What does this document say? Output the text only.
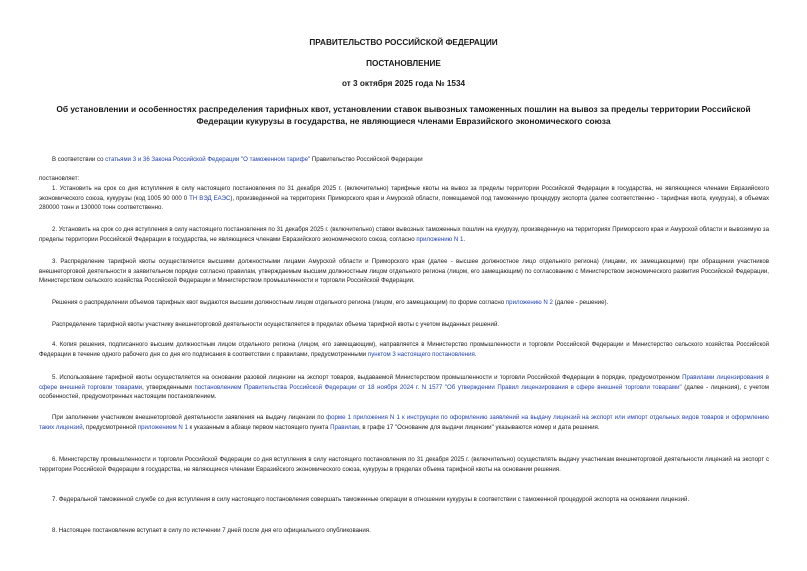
ПРАВИТЕЛЬСТВО РОССИЙСКОЙ ФЕДЕРАЦИИ
ПОСТАНОВЛЕНИЕ
от 3 октября 2025 года № 1534
Об установлении и особенностях распределения тарифных квот, установлении ставок вывозных таможенных пошлин на вывоз за пределы территории Российской Федерации кукурузы в государства, не являющиеся членами Евразийского экономического союза

В соответствии со статьями 3 и 36 Закона Российской Федерации "О таможенном тарифе" Правительство Российской Федерации

постановляет:

1. Установить на срок со дня вступления в силу настоящего постановления по 31 декабря 2025 г. (включительно) тарифные квоты на вывоз за пределы территории Российской Федерации в государства, не являющиеся членами Евразийского экономического союза, кукурузы (код 1005 90 000 0 ТН ВЭД ЕАЭС), произведенной на территориях Приморского края и Амурской области, помещаемой под таможенную процедуру экспорта (далее соответственно - тарифная квота, кукуруза), в объемах 280000 тонн и 130000 тонн соответственно.

2. Установить на срок со дня вступления в силу настоящего постановления по 31 декабря 2025 г. (включительно) ставки вывозных таможенных пошлин на кукурузу, произведенную на территориях Приморского края и Амурской области и вывозимую за пределы территории Российской Федерации в государства, не являющиеся членами Евразийского экономического союза, согласно приложению N 1.

3. Распределение тарифной квоты осуществляется высшими должностными лицами Амурской области и Приморского края (далее - высшее должностное лицо отдельного региона) (лицами, их замещающими) при обращении участников внешнеторговой деятельности в заявительном порядке согласно правилам, утверждаемым высшим должностным лицом отдельного региона (лицом, его замещающим) по согласованию с Министерством экономического развития Российской Федерации, Министерством сельского хозяйства Российской Федерации и Министерством промышленности и торговли Российской Федерации.

Решения о распределении объемов тарифных квот выдаются высшим должностным лицом отдельного региона (лицом, его замещающим) по форме согласно приложению N 2 (далее - решение).

Распределение тарифной квоты участнику внешнеторговой деятельности осуществляется в пределах объема тарифной квоты с учетом выданных решений.

4. Копия решения, подписанного высшим должностным лицом отдельного региона (лицом, его замещающим), направляется в Министерство промышленности и торговли Российской Федерации и Министерство сельского хозяйства Российской Федерации в течение одного рабочего дня со дня его подписания в соответствии с правилами, предусмотренными пунктом 3 настоящего постановления.

5. Использование тарифной квоты осуществляется на основании разовой лицензии на экспорт товаров, выдаваемой Министерством промышленности и торговли Российской Федерации в порядке, предусмотренном Правилами лицензирования в сфере внешней торговли товарами, утвержденными постановлением Правительства Российской Федерации от 18 ноября 2024 г. N 1577 "Об утверждении Правил лицензирования в сфере внешней торговли товарами" (далее - лицензия), с учетом особенностей, предусмотренных настоящим постановлением.

При заполнении участником внешнеторговой деятельности заявления на выдачу лицензии по форме 1 приложения N 1 к инструкции по оформлению заявлений на выдачу лицензий на экспорт или импорт отдельных видов товаров и оформлению таких лицензий, предусмотренной приложением N 1 к указанным в абзаце первом настоящего пункта Правилам, в графе 17 "Основание для выдачи лицензии" указываются номер и дата решения.

6. Министерству промышленности и торговли Российской Федерации со дня вступления в силу настоящего постановления по 31 декабря 2025 г. (включительно) осуществлять выдачу участникам внешнеторговой деятельности лицензий на экспорт с территории Российской Федерации в государства, не являющиеся членами Евразийского экономического союза, кукурузы в пределах объема тарифной квоты на основании решения.

7. Федеральной таможенной службе со дня вступления в силу настоящего постановления совершать таможенные операции в отношении кукурузы в соответствии с таможенной процедурой экспорта на основании лицензий.

8. Настоящее постановление вступает в силу по истечении 7 дней после дня его официального опубликования.
